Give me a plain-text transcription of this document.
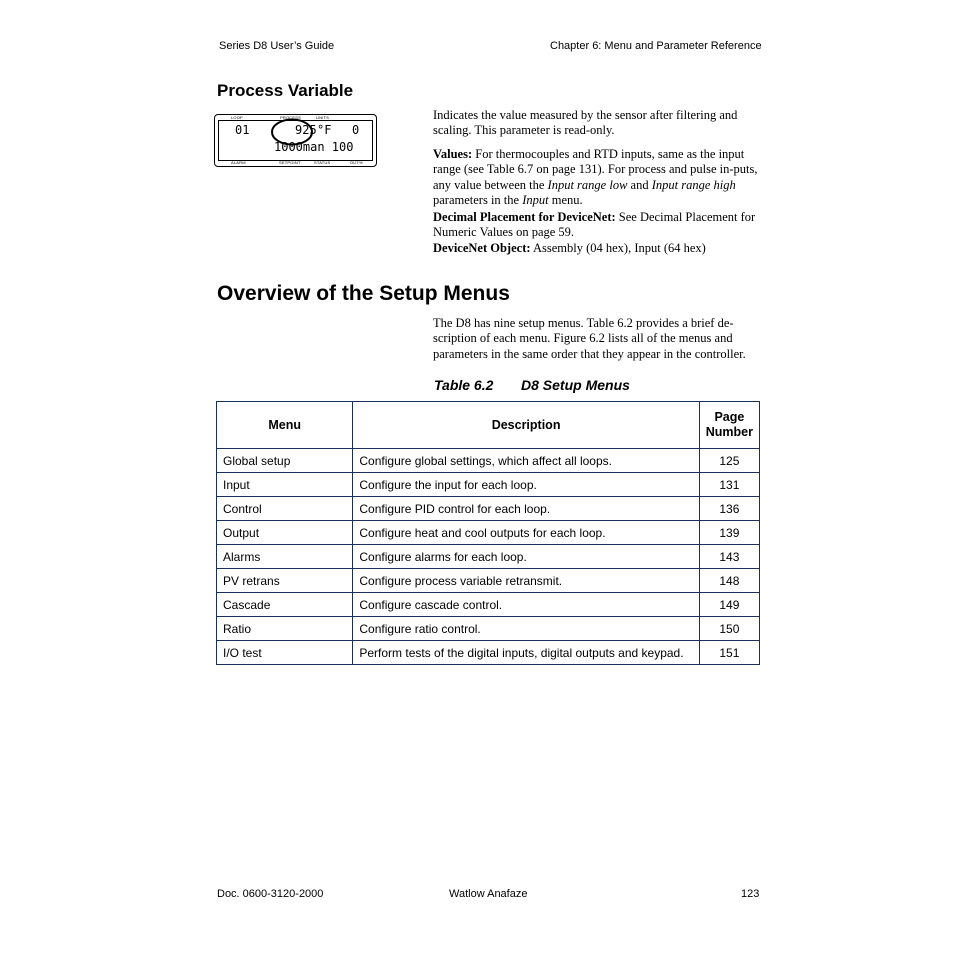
Series D8 User’s Guide	Chapter 6: Menu and Parameter Reference
Process Variable
LOOP	PROCESS	UNITS
ALARM	SETPOINT	STATUS	OUT%
01	925 °F 0
1000man 100
Indicates the value measured by the sensor after filtering and scaling. This parameter is read-only.
Values: For thermocouples and RTD inputs, same as the input range (see Table 6.7 on page 131). For process and pulse in-puts, any value between the Input range low and Input range high parameters in the Input menu.
Decimal Placement for DeviceNet: See Decimal Placement for Numeric Values on page 59.
DeviceNet Object: Assembly (04 hex), Input (64 hex)
Overview of the Setup Menus
The D8 has nine setup menus. Table 6.2 provides a brief de-scription of each menu. Figure 6.2 lists all of the menus and parameters in the same order that they appear in the controller.
Table 6.2 D8 Setup Menus
Menu	Description	Page Number
Global setup	Configure global settings, which affect all loops.	125
Input	Configure the input for each loop.	131
Control	Configure PID control for each loop.	136
Output	Configure heat and cool outputs for each loop.	139
Alarms	Configure alarms for each loop.	143
PV retrans	Configure process variable retransmit.	148
Cascade	Configure cascade control.	149
Ratio	Configure ratio control.	150
I/O test	Perform tests of the digital inputs, digital outputs and keypad.	151
Doc. 0600-3120-2000	Watlow Anafaze	123
